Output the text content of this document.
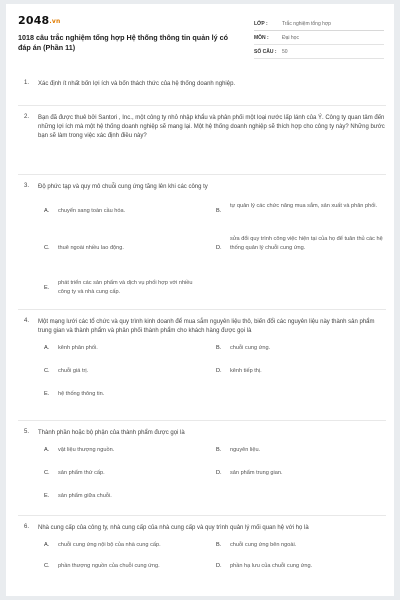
2048.vn
1018 câu trắc nghiệm tổng hợp Hệ thống thông tin quản lý có đáp án (Phần 11)
LỚP :	Trắc nghiệm tổng hợp
MÔN :	Đại học
SỐ CÂU : 50
1. Xác định ít nhất bốn lợi ích và bốn thách thức của hệ thống doanh nghiệp.
2. Bạn đã được thuê bởi Santori , Inc., một công ty nhỏ nhập khẩu và phân phối một loại nước lấp lánh của Ý. Công ty quan tâm đến những lợi ích mà một hệ thống doanh nghiệp sẽ mang lại. Một hệ thống doanh nghiệp sẽ thích hợp cho công ty này? Những bước bạn sẽ làm trong việc xác định điều này?
3. Độ phức tạp và quy mô chuỗi cung ứng tăng lên khi các công ty
A. chuyển sang toàn cầu hóa.	B.
tự quản lý các chức năng mua sắm, sản xuất và phân phối.
C. thuê ngoài nhiều lao động.	D.
sửa đổi quy trình công việc hiện tại của họ để tuân thủ các hệ thống quản lý chuỗi cung ứng.
E.
phát triển các sản phẩm và dịch vụ phối hợp với nhiều công ty và nhà cung cấp.
4. Một mạng lưới các tổ chức và quy trình kinh doanh để mua sắm nguyên liệu thô, biến đổi các nguyên liệu này thành sản phẩm trung gian và thành phẩm và phân phối thành phẩm cho khách hàng được gọi là
A. kênh phân phối.	B. chuỗi cung ứng.
C. chuỗi giá trị.	D. kênh tiếp thị.
E. hệ thống thông tin.
5. Thành phần hoặc bộ phận của thành phẩm được gọi là
A. vật liệu thượng nguồn.	B. nguyên liệu.
C. sản phẩm thứ cấp.	D. sản phẩm trung gian.
E. sản phẩm giữa chuỗi.
6. Nhà cung cấp của công ty, nhà cung cấp của nhà cung cấp và quy trình quản lý mối quan hệ với họ là
A. chuỗi cung ứng nội bộ của nhà cung cấp.	B. chuỗi cung ứng bên ngoài.
C. phần thượng nguồn của chuỗi cung ứng.	D. phần hạ lưu của chuỗi cung ứng.
